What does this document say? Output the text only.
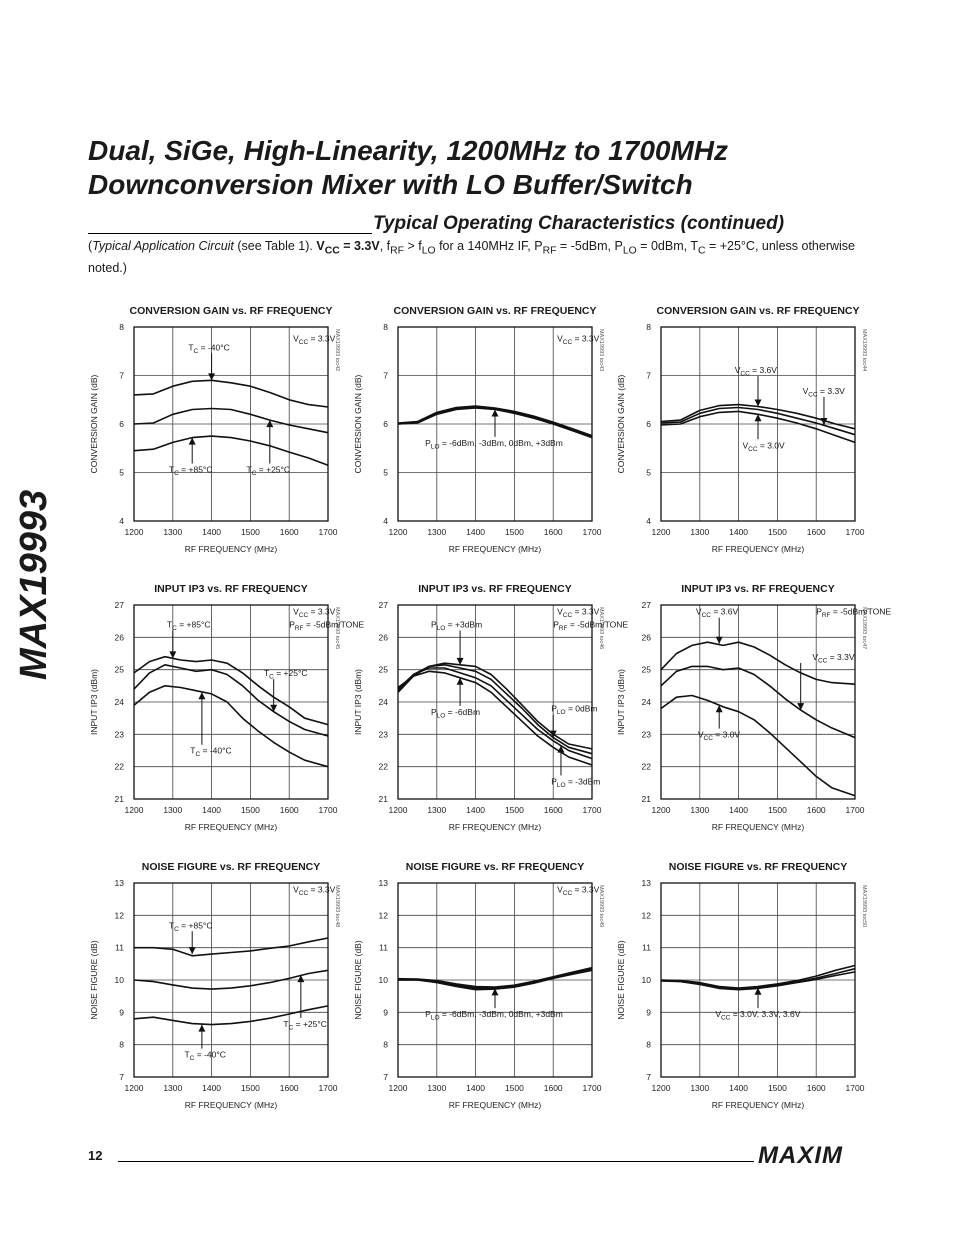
MAX19993
Dual, SiGe, High-Linearity, 1200MHz to 1700MHz
Downconversion Mixer with LO Buffer/Switch
Typical Operating Characteristics (continued)
(Typical Application Circuit (see Table 1). $V_{CC} = 3.3V$, $f_{RF} > f_{LO}$ for a 140MHz IF, $P_{RF} = -5dBm$, $P_{LO} = 0dBm$, $T_C = +25^\circ C$, unless otherwise noted.)
CONVERSION GAIN vs. RF FREQUENCY
1200 1300 1400 1500 1600 1700
4
5
6
7
8
RF FREQUENCY (MHz)
CONVERSION GAIN (dB)
MAX19993 toc42
$V_{CC} = 3.3V$
$T_C = -40^\circ C$
$T_C = +85^\circ C$	$T_C = +25^\circ C$
CONVERSION GAIN vs. RF FREQUENCY
1200 1300 1400 1500 1600 1700
4
5
6
7
8
RF FREQUENCY (MHz)
CONVERSION GAIN (dB)
MAX19993 toc43
$V_{CC} = 3.3V$
$P_{LO} = -6dBm$, -3dBm, 0dBm, +3dBm
CONVERSION GAIN vs. RF FREQUENCY
1200 1300 1400 1500 1600 1700
4
5
6
7
8
RF FREQUENCY (MHz)
CONVERSION GAIN (dB)
MAX19993 toc44
$V_{CC} = 3.6V$
$V_{CC} = 3.3V$
$V_{CC} = 3.0V$
INPUT IP3 vs. RF FREQUENCY
1200 1300 1400 1500 1600 1700
21
22
23
24
25
26
27
RF FREQUENCY (MHz)
INPUT IP3 (dBm)
MAX19993 toc45
$V_{CC} = 3.3V$
$P_{RF}$ = -5dBm/TONE
$T_C = +85^\circ C$
$T_C = +25^\circ C$
$T_C = -40^\circ C$
INPUT IP3 vs. RF FREQUENCY
1200 1300 1400 1500 1600 1700
21
22
23
24
25
26
27
RF FREQUENCY (MHz)
INPUT IP3 (dBm)
MAX19993 toc46
$V_{CC} = 3.3V$
$P_{RF}$ = -5dBm/TONE
$P_{LO} = +3dBm$
$P_{LO} = -6dBm$	$P_{LO} = 0dBm$
$P_{LO} = -3dBm$
INPUT IP3 vs. RF FREQUENCY
1200 1300 1400 1500 1600 1700
21
22
23
24
25
26
27
RF FREQUENCY (MHz)
INPUT IP3 (dBm)
MAX19993 toc47
$P_{RF}$ = -5dBm/TONE
$V_{CC} = 3.6V$
$V_{CC} = 3.3V$
$V_{CC} = 3.0V$
NOISE FIGURE vs. RF FREQUENCY
1200 1300 1400 1500 1600 1700
7
8
9
10
11
12
13
RF FREQUENCY (MHz)
NOISE FIGURE (dB)
MAX19993 toc48
$V_{CC} = 3.3V$
$T_C = +85^\circ C$
$T_C = +25^\circ C$
$T_C = -40^\circ C$
NOISE FIGURE vs. RF FREQUENCY
1200 1300 1400 1500 1600 1700
7
8
9
10
11
12
13
RF FREQUENCY (MHz)
NOISE FIGURE (dB)
MAX19993 toc49
$V_{CC} = 3.3V$
$P_{LO} = -6dBm$, -3dBm, 0dBm, +3dBm
NOISE FIGURE vs. RF FREQUENCY
1200 1300 1400 1500 1600 1700
7
8
9
10
11
12
13
RF FREQUENCY (MHz)
NOISE FIGURE (dB)
MAX19993 toc50
$V_{CC} = 3.0V$, 3.3V, 3.6V
12	MAXIM
